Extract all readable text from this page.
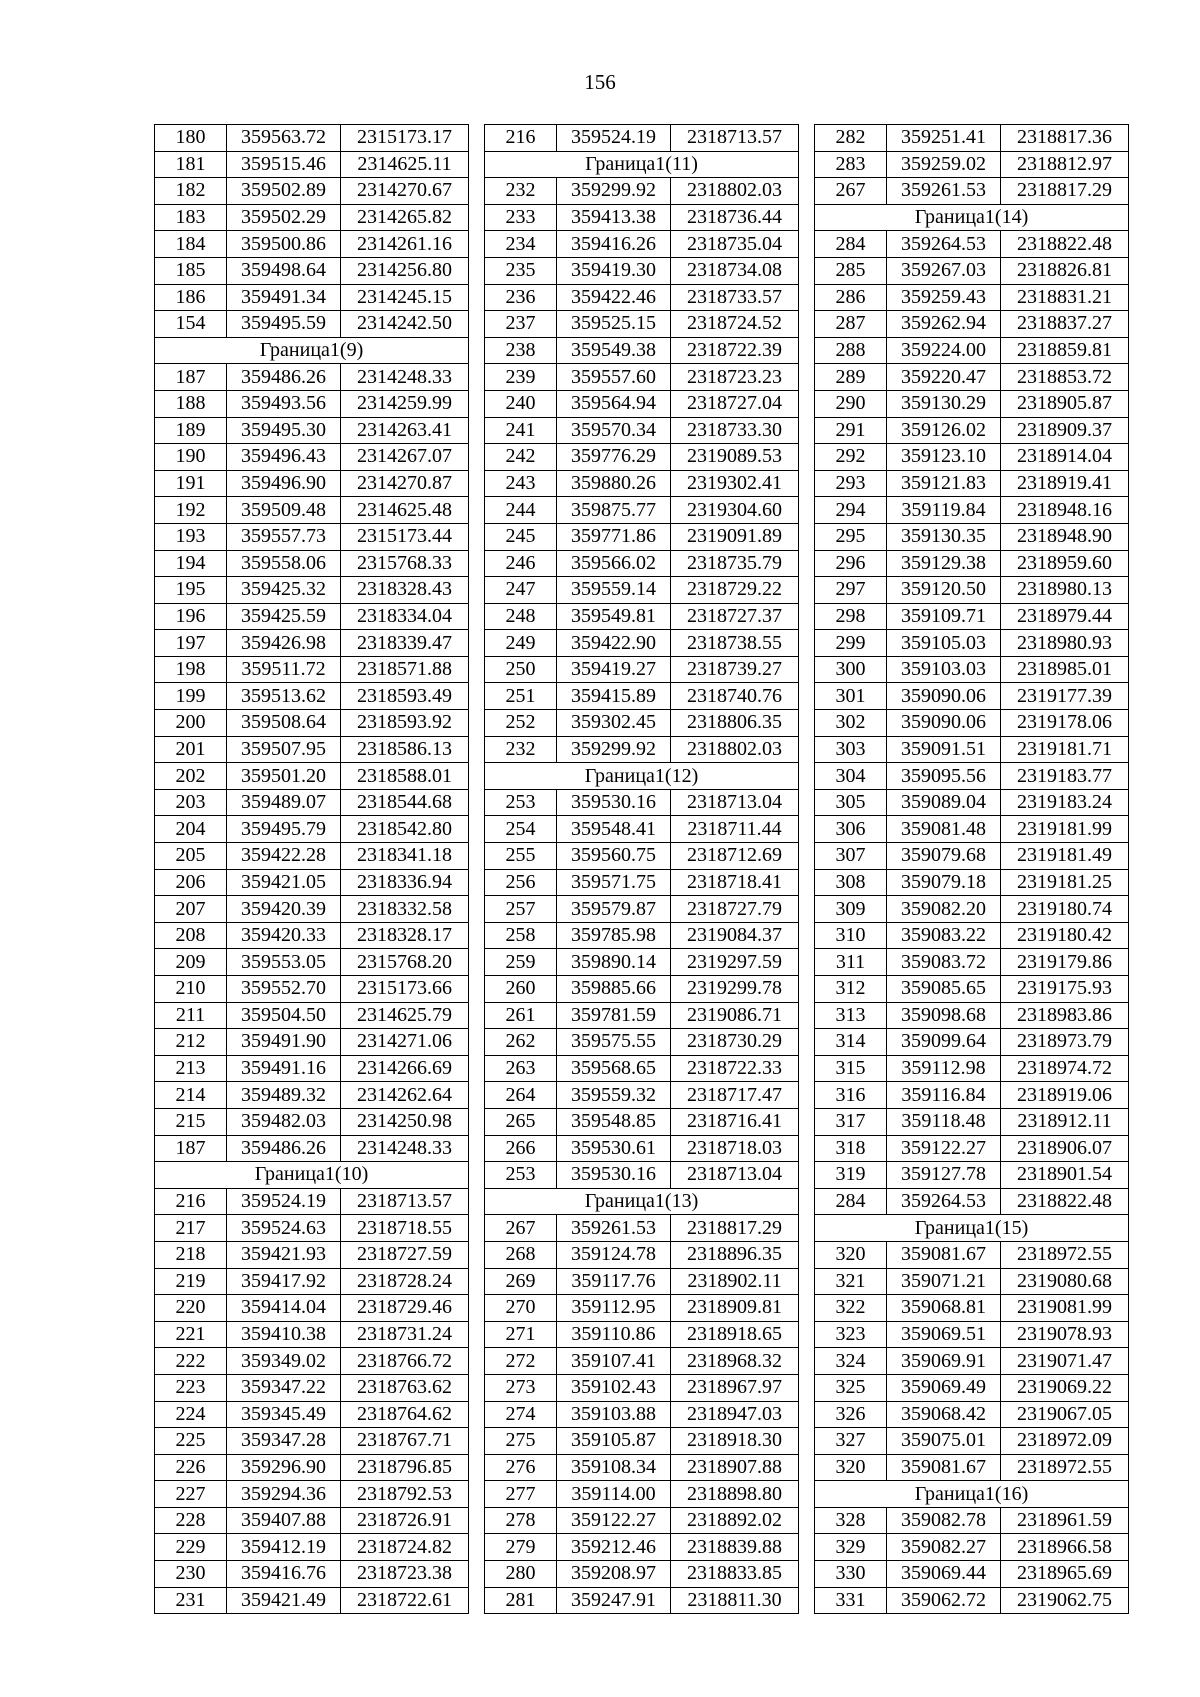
156
180	359563.72	2315173.17
181	359515.46	2314625.11
182	359502.89	2314270.67
183	359502.29	2314265.82
184	359500.86	2314261.16
185	359498.64	2314256.80
186	359491.34	2314245.15
154	359495.59	2314242.50
Граница1(9)		
187	359486.26	2314248.33
188	359493.56	2314259.99
189	359495.30	2314263.41
190	359496.43	2314267.07
191	359496.90	2314270.87
192	359509.48	2314625.48
193	359557.73	2315173.44
194	359558.06	2315768.33
195	359425.32	2318328.43
196	359425.59	2318334.04
197	359426.98	2318339.47
198	359511.72	2318571.88
199	359513.62	2318593.49
200	359508.64	2318593.92
201	359507.95	2318586.13
202	359501.20	2318588.01
203	359489.07	2318544.68
204	359495.79	2318542.80
205	359422.28	2318341.18
206	359421.05	2318336.94
207	359420.39	2318332.58
208	359420.33	2318328.17
209	359553.05	2315768.20
210	359552.70	2315173.66
211	359504.50	2314625.79
212	359491.90	2314271.06
213	359491.16	2314266.69
214	359489.32	2314262.64
215	359482.03	2314250.98
187	359486.26	2314248.33
Граница1(10)		
216	359524.19	2318713.57
217	359524.63	2318718.55
218	359421.93	2318727.59
219	359417.92	2318728.24
220	359414.04	2318729.46
221	359410.38	2318731.24
222	359349.02	2318766.72
223	359347.22	2318763.62
224	359345.49	2318764.62
225	359347.28	2318767.71
226	359296.90	2318796.85
227	359294.36	2318792.53
228	359407.88	2318726.91
229	359412.19	2318724.82
230	359416.76	2318723.38
231	359421.49	2318722.61
216	359524.19	2318713.57
Граница1(11)		
232	359299.92	2318802.03
233	359413.38	2318736.44
234	359416.26	2318735.04
235	359419.30	2318734.08
236	359422.46	2318733.57
237	359525.15	2318724.52
238	359549.38	2318722.39
239	359557.60	2318723.23
240	359564.94	2318727.04
241	359570.34	2318733.30
242	359776.29	2319089.53
243	359880.26	2319302.41
244	359875.77	2319304.60
245	359771.86	2319091.89
246	359566.02	2318735.79
247	359559.14	2318729.22
248	359549.81	2318727.37
249	359422.90	2318738.55
250	359419.27	2318739.27
251	359415.89	2318740.76
252	359302.45	2318806.35
232	359299.92	2318802.03
Граница1(12)		
253	359530.16	2318713.04
254	359548.41	2318711.44
255	359560.75	2318712.69
256	359571.75	2318718.41
257	359579.87	2318727.79
258	359785.98	2319084.37
259	359890.14	2319297.59
260	359885.66	2319299.78
261	359781.59	2319086.71
262	359575.55	2318730.29
263	359568.65	2318722.33
264	359559.32	2318717.47
265	359548.85	2318716.41
266	359530.61	2318718.03
253	359530.16	2318713.04
Граница1(13)		
267	359261.53	2318817.29
268	359124.78	2318896.35
269	359117.76	2318902.11
270	359112.95	2318909.81
271	359110.86	2318918.65
272	359107.41	2318968.32
273	359102.43	2318967.97
274	359103.88	2318947.03
275	359105.87	2318918.30
276	359108.34	2318907.88
277	359114.00	2318898.80
278	359122.27	2318892.02
279	359212.46	2318839.88
280	359208.97	2318833.85
281	359247.91	2318811.30
282	359251.41	2318817.36
283	359259.02	2318812.97
267	359261.53	2318817.29
Граница1(14)		
284	359264.53	2318822.48
285	359267.03	2318826.81
286	359259.43	2318831.21
287	359262.94	2318837.27
288	359224.00	2318859.81
289	359220.47	2318853.72
290	359130.29	2318905.87
291	359126.02	2318909.37
292	359123.10	2318914.04
293	359121.83	2318919.41
294	359119.84	2318948.16
295	359130.35	2318948.90
296	359129.38	2318959.60
297	359120.50	2318980.13
298	359109.71	2318979.44
299	359105.03	2318980.93
300	359103.03	2318985.01
301	359090.06	2319177.39
302	359090.06	2319178.06
303	359091.51	2319181.71
304	359095.56	2319183.77
305	359089.04	2319183.24
306	359081.48	2319181.99
307	359079.68	2319181.49
308	359079.18	2319181.25
309	359082.20	2319180.74
310	359083.22	2319180.42
311	359083.72	2319179.86
312	359085.65	2319175.93
313	359098.68	2318983.86
314	359099.64	2318973.79
315	359112.98	2318974.72
316	359116.84	2318919.06
317	359118.48	2318912.11
318	359122.27	2318906.07
319	359127.78	2318901.54
284	359264.53	2318822.48
Граница1(15)		
320	359081.67	2318972.55
321	359071.21	2319080.68
322	359068.81	2319081.99
323	359069.51	2319078.93
324	359069.91	2319071.47
325	359069.49	2319069.22
326	359068.42	2319067.05
327	359075.01	2318972.09
320	359081.67	2318972.55
Граница1(16)		
328	359082.78	2318961.59
329	359082.27	2318966.58
330	359069.44	2318965.69
331	359062.72	2319062.75
